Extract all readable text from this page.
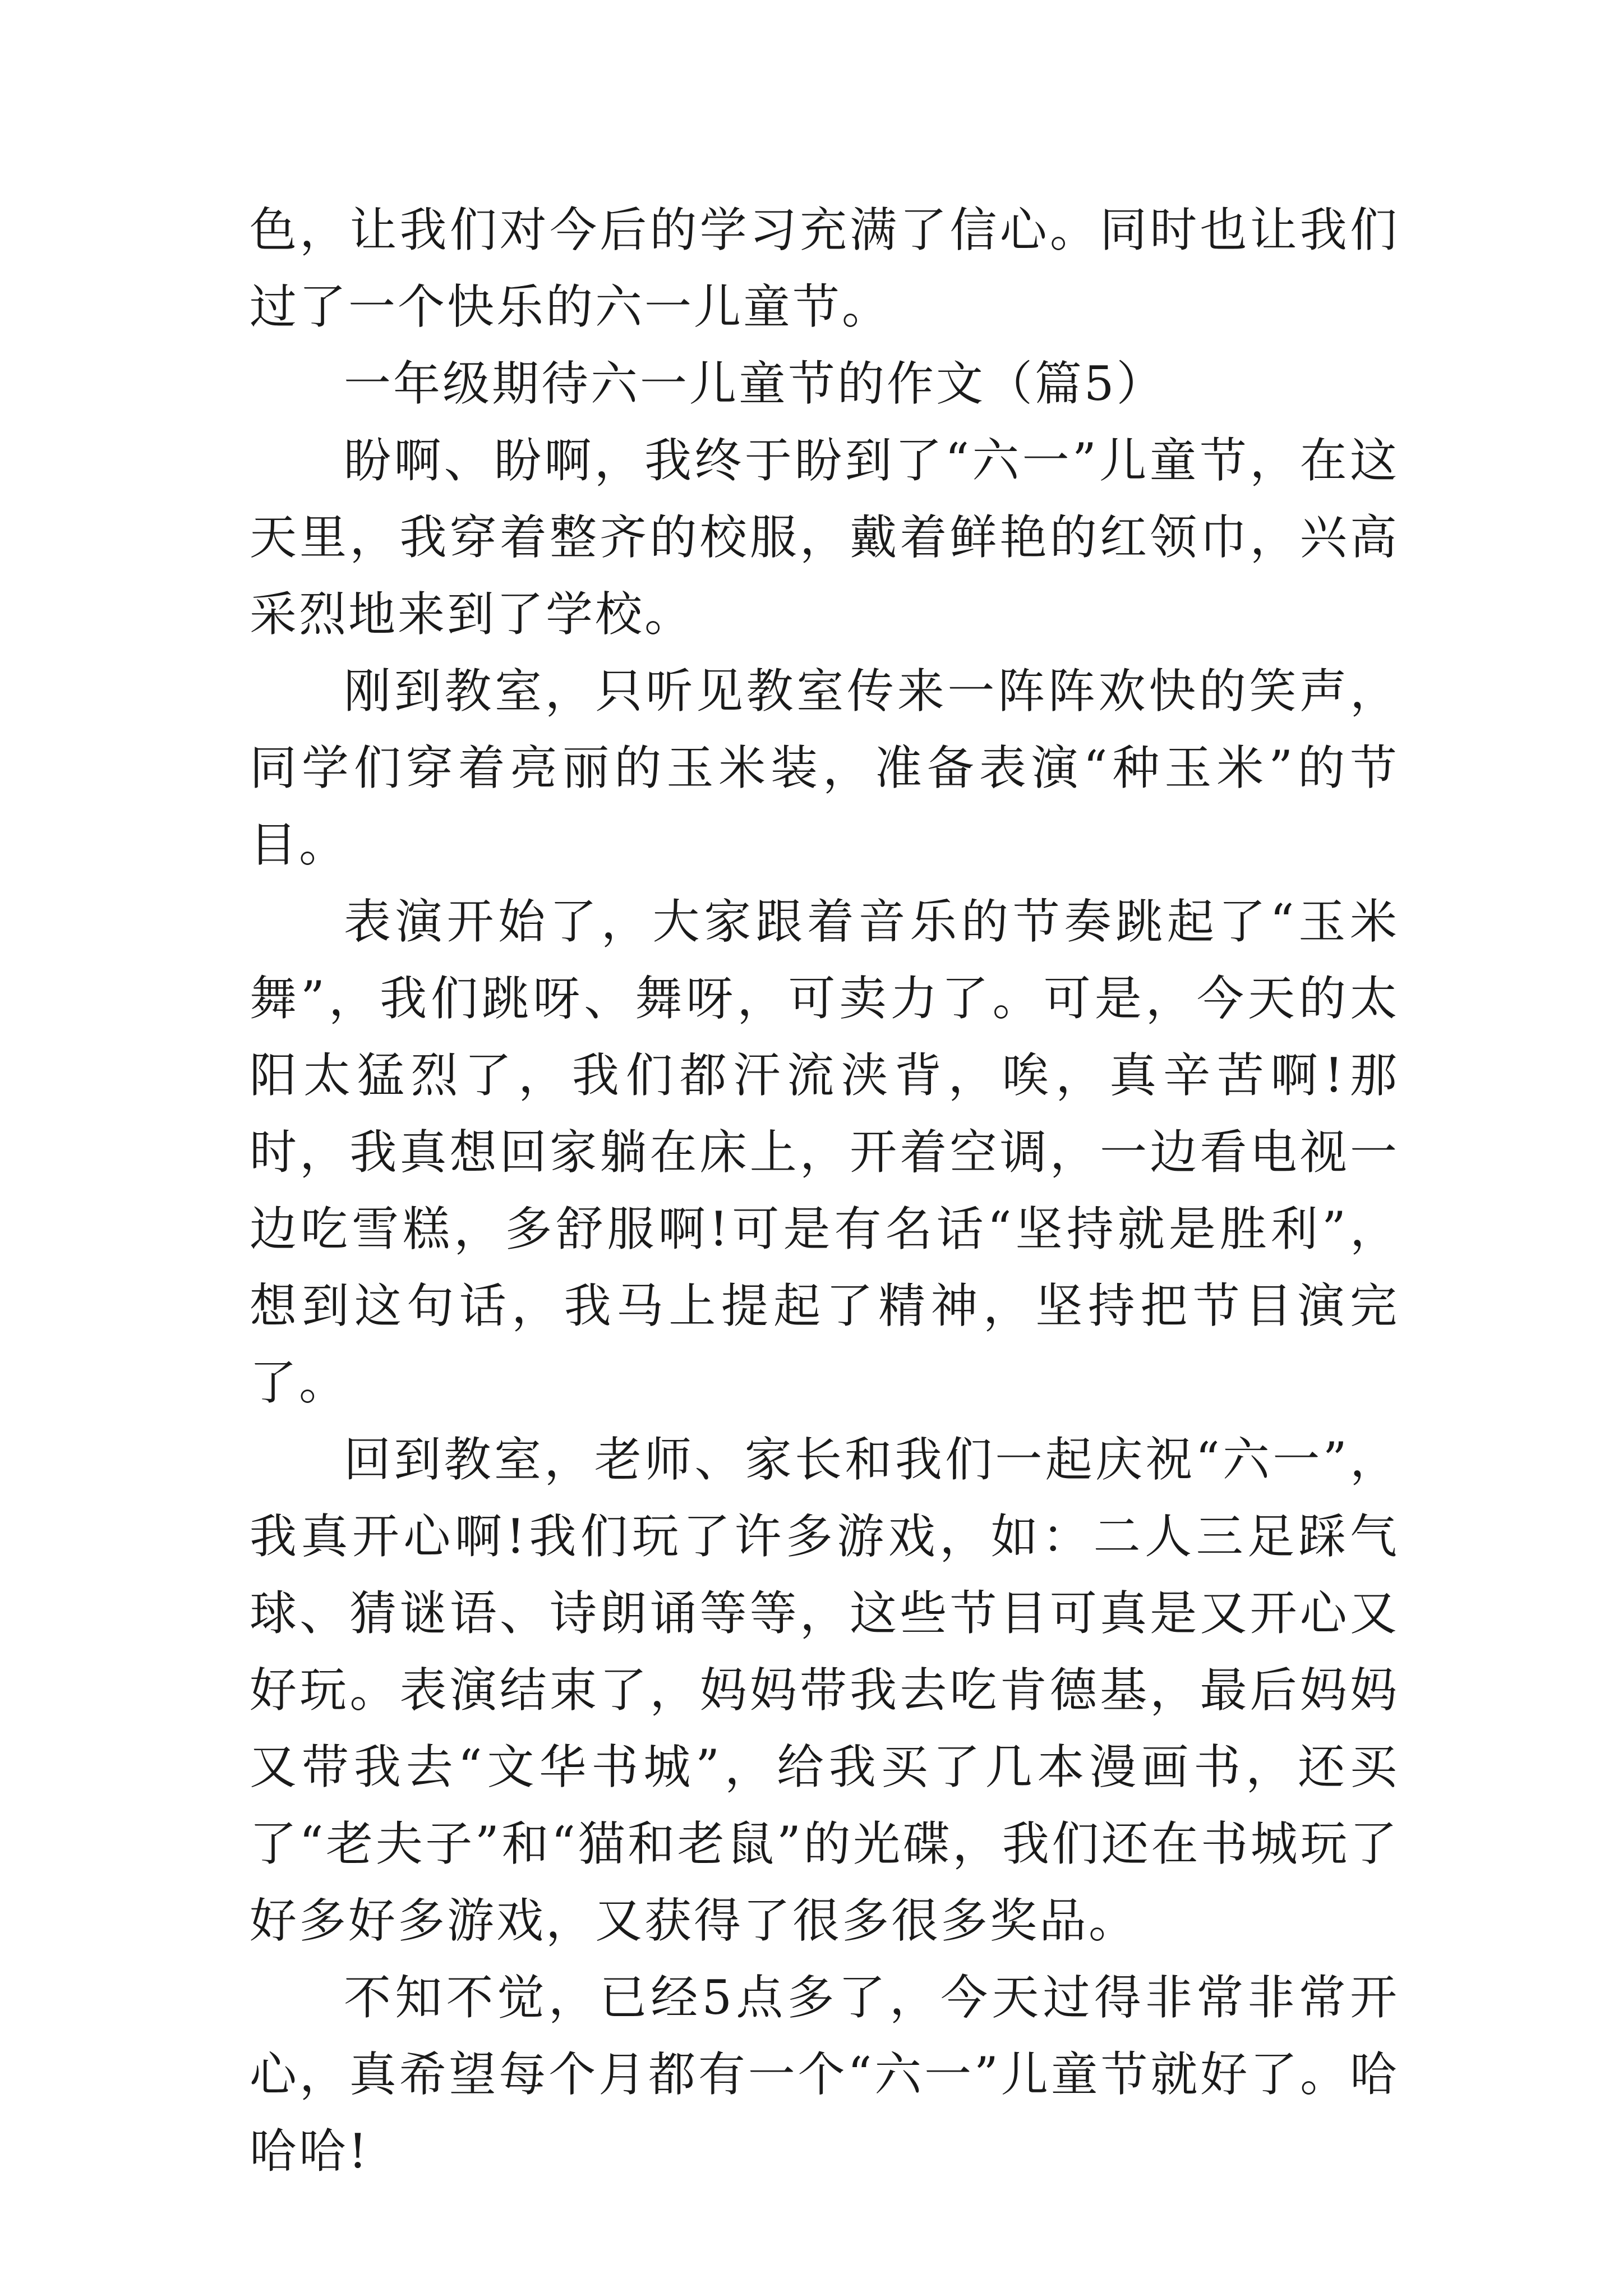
色，让我们对今后的学习充满了信心。同时也让我们过了一个快乐的六一儿童节。

一年级期待六一儿童节的作文（篇5）

盼啊、盼啊，我终于盼到了“六一”儿童节，在这天里，我穿着整齐的校服，戴着鲜艳的红领巾，兴高采烈地来到了学校。

刚到教室，只听见教室传来一阵阵欢快的笑声，同学们穿着亮丽的玉米装，准备表演“种玉米”的节目。

表演开始了，大家跟着音乐的节奏跳起了“玉米舞”，我们跳呀、舞呀，可卖力了。可是，今天的太阳太猛烈了，我们都汗流浃背，唉，真辛苦啊!那时，我真想回家躺在床上，开着空调，一边看电视一边吃雪糕，多舒服啊!可是有名话“坚持就是胜利”，想到这句话，我马上提起了精神，坚持把节目演完了。

回到教室，老师、家长和我们一起庆祝“六一”，我真开心啊!我们玩了许多游戏，如：二人三足踩气球、猜谜语、诗朗诵等等，这些节目可真是又开心又好玩。表演结束了，妈妈带我去吃肯德基，最后妈妈又带我去“文华书城”，给我买了几本漫画书，还买了“老夫子”和“猫和老鼠”的光碟，我们还在书城玩了好多好多游戏，又获得了很多很多奖品。

不知不觉，已经5点多了，今天过得非常非常开心，真希望每个月都有一个“六一”儿童节就好了。哈哈哈!
